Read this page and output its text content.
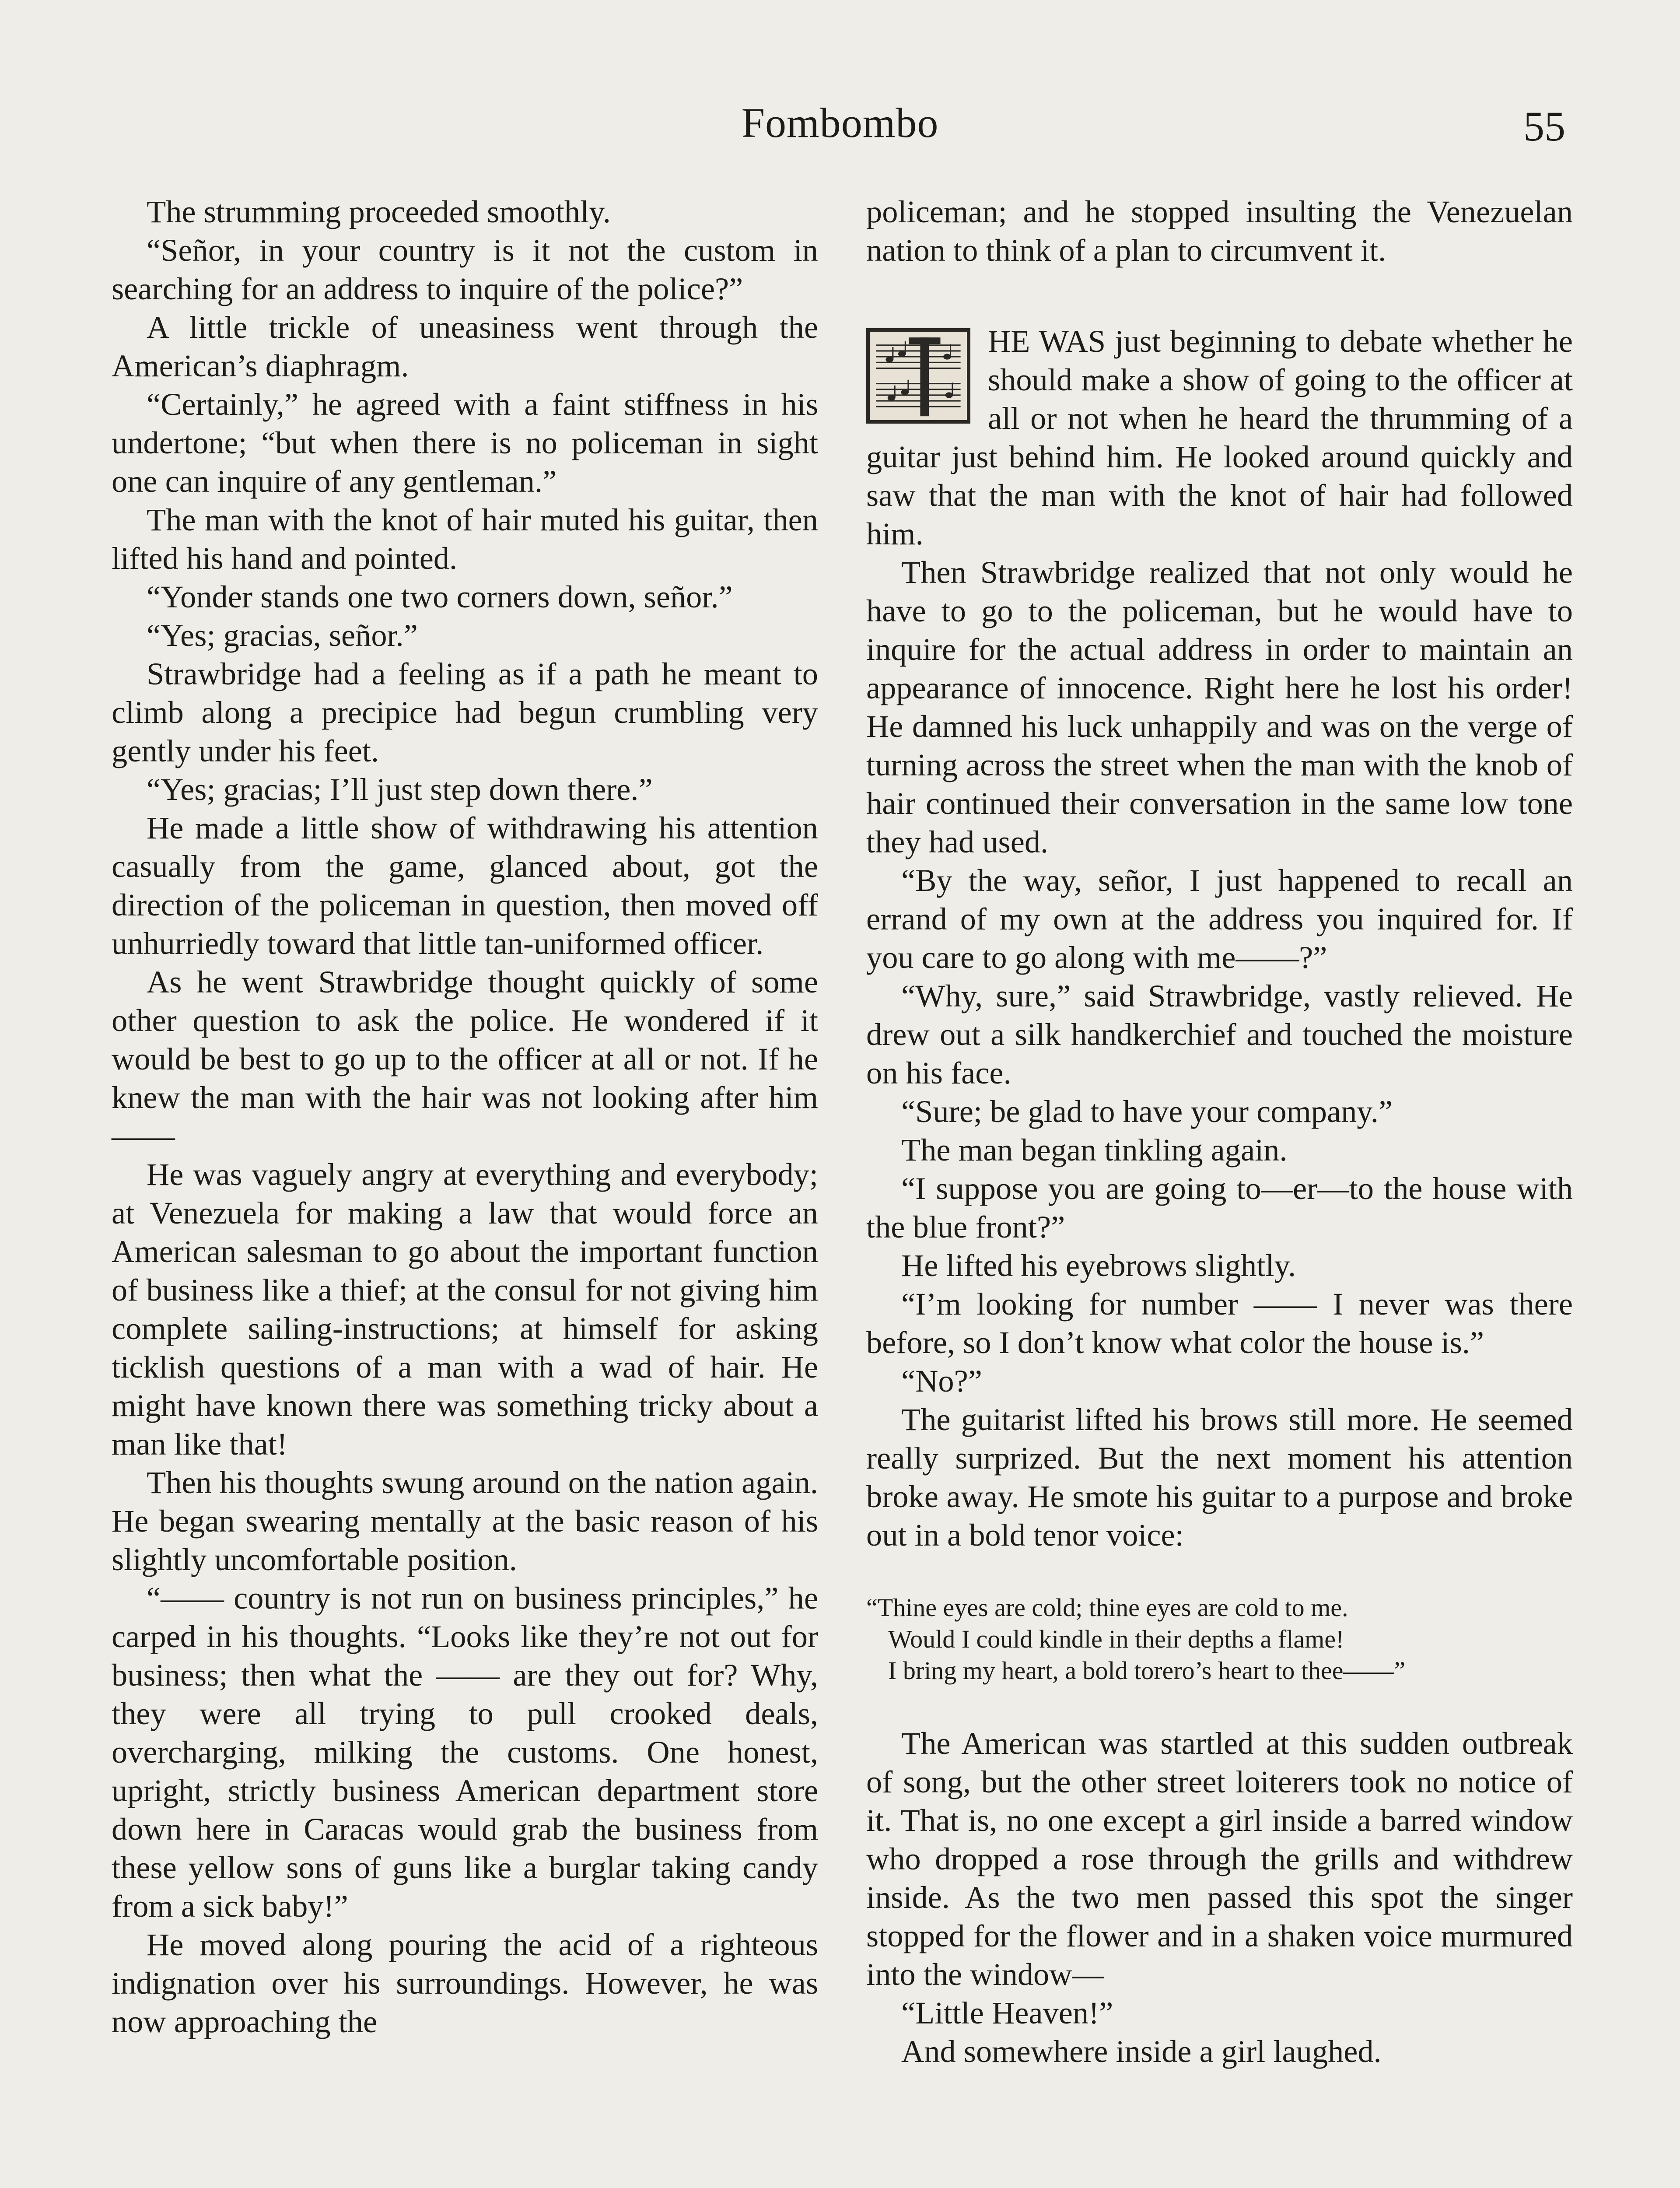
Fombombo	55

The strumming proceeded smoothly.

“Señor, in your country is it not the custom in searching for an address to inquire of the police?”

A little trickle of uneasiness went through the American’s diaphragm.

“Certainly,” he agreed with a faint stiffness in his undertone; “but when there is no policeman in sight one can inquire of any gentleman.”

The man with the knot of hair muted his guitar, then lifted his hand and pointed.

“Yonder stands one two corners down, señor.”

“Yes; gracias, señor.”

Strawbridge had a feeling as if a path he meant to climb along a precipice had begun crumbling very gently under his feet.

“Yes; gracias; I’ll just step down there.”

He made a little show of withdrawing his attention casually from the game, glanced about, got the direction of the policeman in question, then moved off unhurriedly toward that little tan-uniformed officer.

As he went Strawbridge thought quickly of some other question to ask the police. He wondered if it would be best to go up to the officer at all or not. If he knew the man with the hair was not looking after him——

He was vaguely angry at everything and everybody; at Venezuela for making a law that would force an American salesman to go about the important function of business like a thief; at the consul for not giving him complete sailing-instructions; at himself for asking ticklish questions of a man with a wad of hair. He might have known there was something tricky about a man like that!

Then his thoughts swung around on the nation again. He began swearing mentally at the basic reason of his slightly uncomfortable position.

“—— country is not run on business principles,” he carped in his thoughts. “Looks like they’re not out for business; then what the —— are they out for? Why, they were all trying to pull crooked deals, overcharging, milking the customs. One honest, upright, strictly business American department store down here in Caracas would grab the business from these yellow sons of guns like a burglar taking candy from a sick baby!”

He moved along pouring the acid of a righteous indignation over his surroundings. However, he was now approaching the

policeman; and he stopped insulting the Venezuelan nation to think of a plan to circumvent it.

HE WAS just beginning to debate whether he should make a show of going to the officer at all or not when he heard the thrumming of a guitar just behind him. He looked around quickly and saw that the man with the knot of hair had followed him.

Then Strawbridge realized that not only would he have to go to the policeman, but he would have to inquire for the actual address in order to maintain an appearance of innocence. Right here he lost his order! He damned his luck unhappily and was on the verge of turning across the street when the man with the knob of hair continued their conversation in the same low tone they had used.

“By the way, señor, I just happened to recall an errand of my own at the address you inquired for. If you care to go along with me——?”

“Why, sure,” said Strawbridge, vastly relieved. He drew out a silk handkerchief and touched the moisture on his face.

“Sure; be glad to have your company.”

The man began tinkling again.

“I suppose you are going to—er—to the house with the blue front?”

He lifted his eyebrows slightly.

“I’m looking for number —— I never was there before, so I don’t know what color the house is.”

“No?”

The guitarist lifted his brows still more. He seemed really surprized. But the next moment his attention broke away. He smote his guitar to a purpose and broke out in a bold tenor voice:

“Thine eyes are cold; thine eyes are cold to me.
Would I could kindle in their depths a flame!
I bring my heart, a bold torero’s heart to thee——”

The American was startled at this sudden outbreak of song, but the other street loiterers took no notice of it. That is, no one except a girl inside a barred window who dropped a rose through the grills and withdrew inside. As the two men passed this spot the singer stopped for the flower and in a shaken voice murmured into the window—

“Little Heaven!”

And somewhere inside a girl laughed.
